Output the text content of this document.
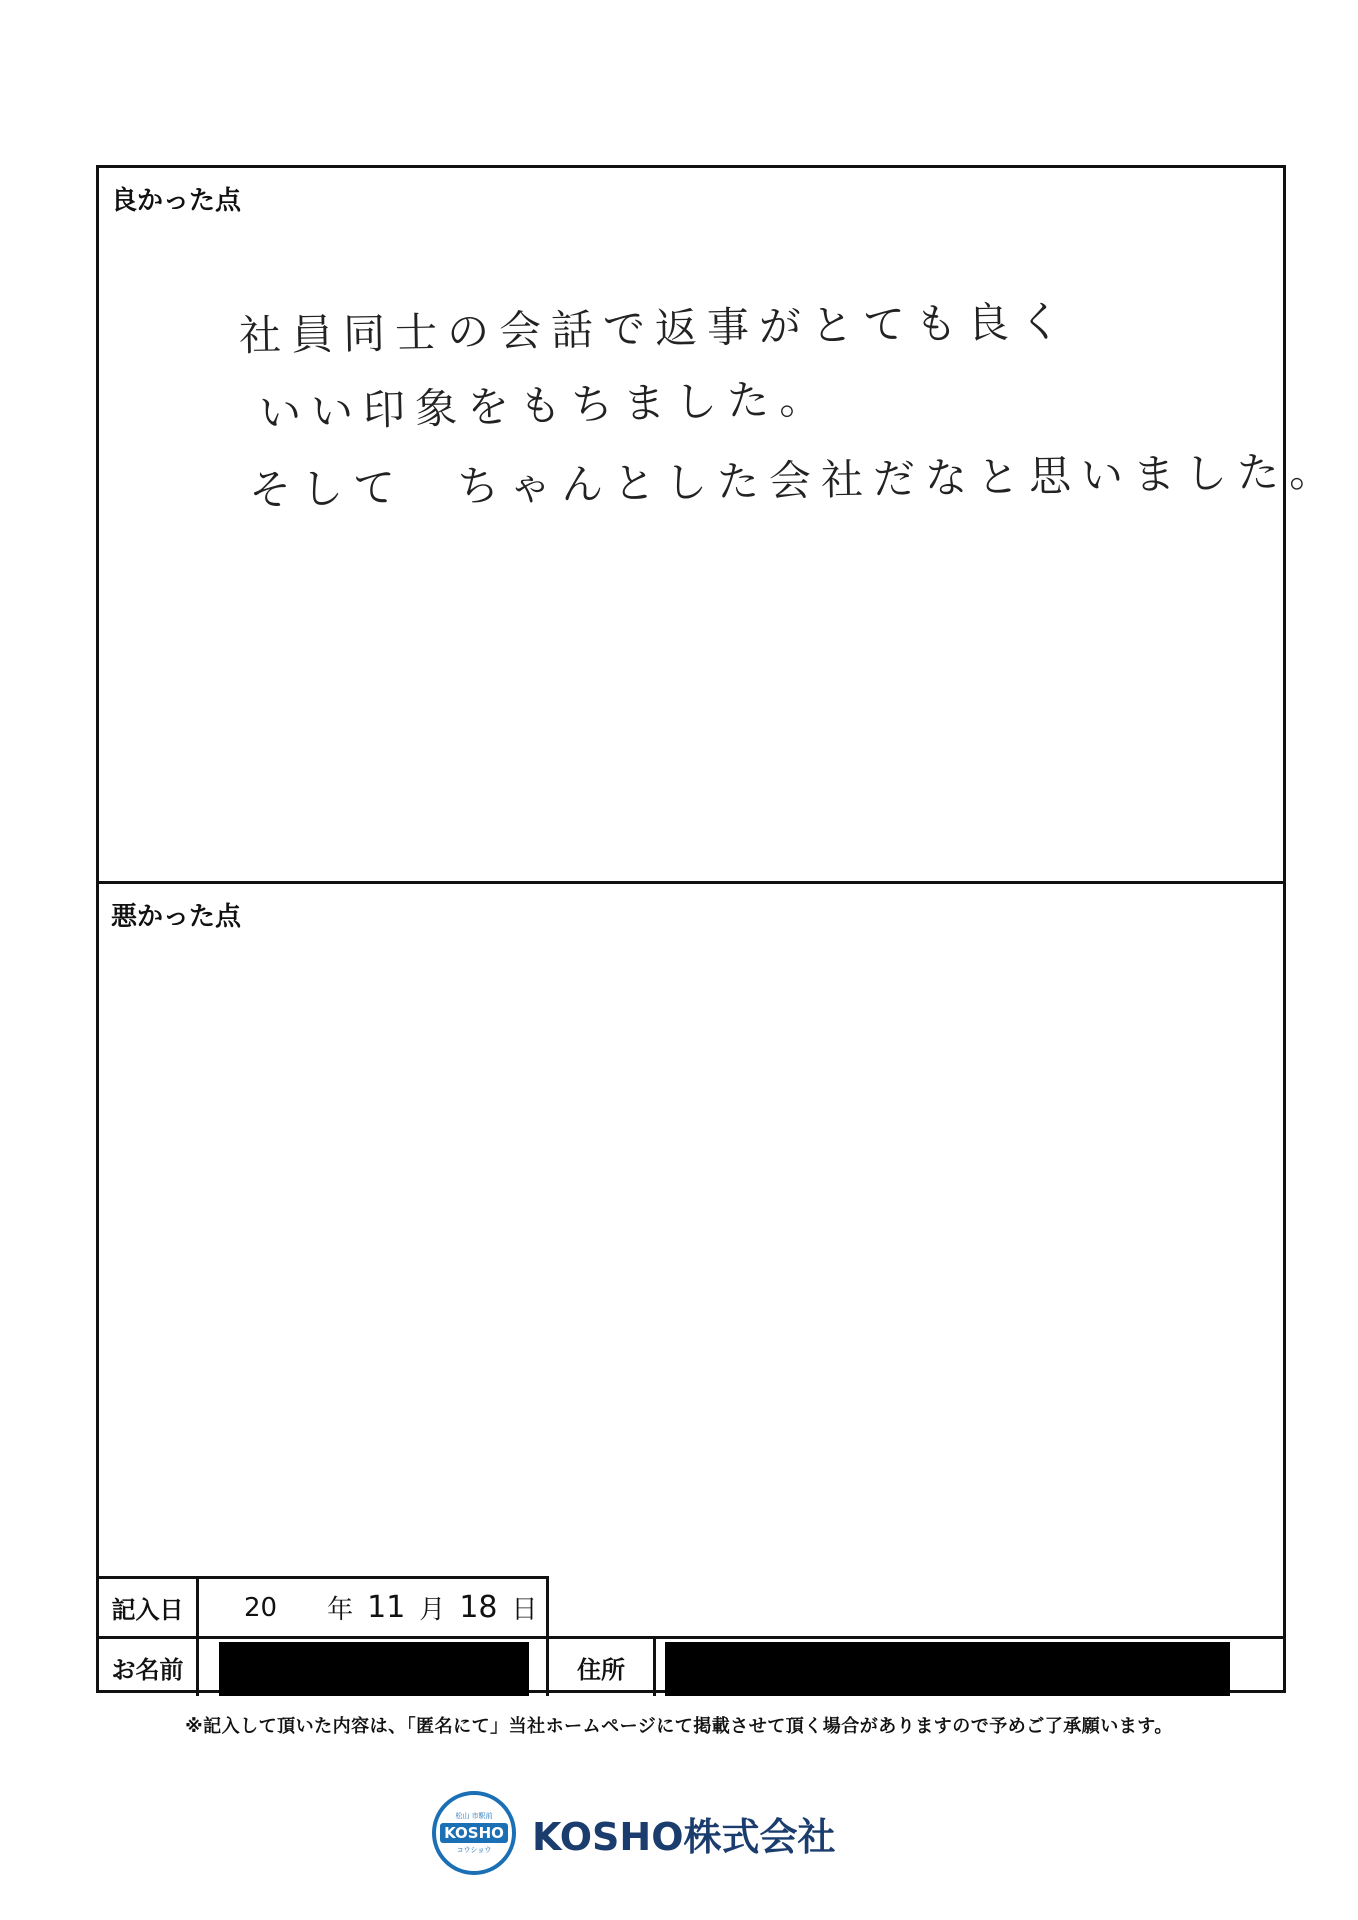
良かった点
社員同士の会話で返事がとても良く
いい印象をもちました。
そして　ちゃんとした会社だなと思いました。
悪かった点
記入日	20 年 11 月 18 日
お名前	住所
※記入して頂いた内容は、「匿名にて」当社ホームページにて掲載させて頂く場合がありますので予めご了承願います。
松山 市駅前
KOSHO
コウショウ KOSHO株式会社
